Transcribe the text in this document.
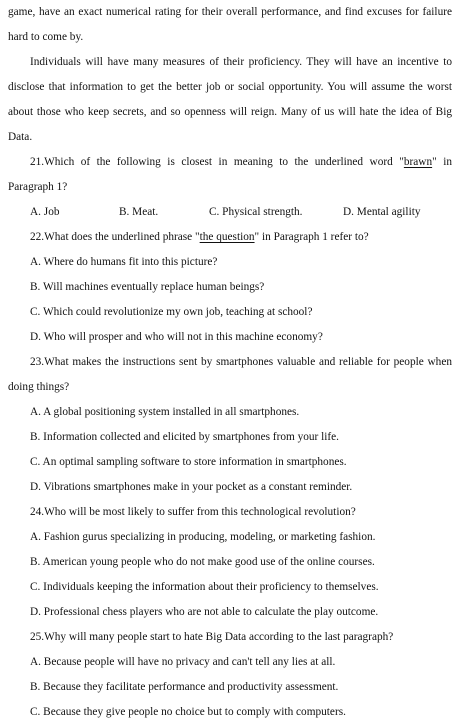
game, have an exact numerical rating for their overall performance, and find excuses for failure hard to come by.

Individuals will have many measures of their proficiency. They will have an incentive to disclose that information to get the better job or social opportunity. You will assume the worst about those who keep secrets, and so openness will reign. Many of us will hate the idea of Big Data.

21.Which of the following is closest in meaning to the underlined word "brawn" in Paragraph 1?

A. Job	B. Meat.	C. Physical strength.	D. Mental agility

22.What does the underlined phrase "the question" in Paragraph 1 refer to?

A. Where do humans fit into this picture?

B. Will machines eventually replace human beings?

C. Which could revolutionize my own job, teaching at school?

D. Who will prosper and who will not in this machine economy?

23.What makes the instructions sent by smartphones valuable and reliable for people when doing things?

A. A global positioning system installed in all smartphones.

B. Information collected and elicited by smartphones from your life.

C. An optimal sampling software to store information in smartphones.

D. Vibrations smartphones make in your pocket as a constant reminder.

24.Who will be most likely to suffer from this technological revolution?

A. Fashion gurus specializing in producing, modeling, or marketing fashion.

B. American young people who do not make good use of the online courses.

C. Individuals keeping the information about their proficiency to themselves.

D. Professional chess players who are not able to calculate the play outcome.

25.Why will many people start to hate Big Data according to the last paragraph?

A. Because people will have no privacy and can't tell any lies at all.

B. Because they facilitate performance and productivity assessment.

C. Because they give people no choice but to comply with computers.
